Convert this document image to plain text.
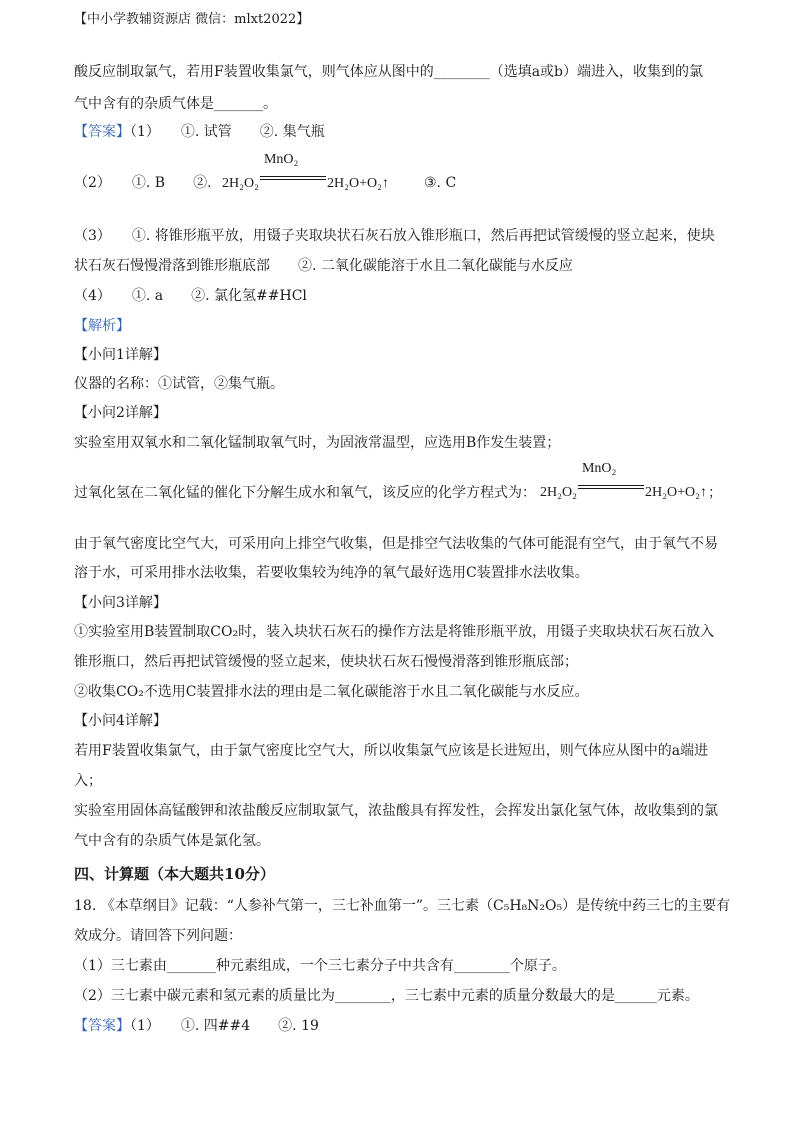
【中小学教辅资源店 微信：mlxt2022】
酸反应制取氯气，若用F装置收集氯气，则气体应从图中的________（选填a或b）端进入，收集到的氯
气中含有的杂质气体是_______。
【答案】（1）　　①. 试管　　②. 集气瓶
（2）　　①. B　　②. 2H₂O₂
MnO₂
2H₂O+O₂↑	③. C
（3）　　①. 将锥形瓶平放，用镊子夹取块状石灰石放入锥形瓶口，然后再把试管缓慢的竖立起来，使块
状石灰石慢慢滑落到锥形瓶底部　　②. 二氧化碳能溶于水且二氧化碳能与水反应
（4）　　①. a　　②. 氯化氢##HCl
【解析】
【小问1详解】
仪器的名称：①试管，②集气瓶。
【小问2详解】
实验室用双氧水和二氧化锰制取氧气时，为固液常温型，应选用B作发生装置；
过氧化氢在二氧化锰的催化下分解生成水和氧气，该反应的化学方程式为： 2H₂O₂
MnO₂
2H₂O+O₂↑ ；
由于氧气密度比空气大，可采用向上排空气收集，但是排空气法收集的气体可能混有空气，由于氧气不易
溶于水，可采用排水法收集，若要收集较为纯净的氧气最好选用C装置排水法收集。
【小问3详解】
①实验室用B装置制取CO₂时，装入块状石灰石的操作方法是将锥形瓶平放，用镊子夹取块状石灰石放入
锥形瓶口，然后再把试管缓慢的竖立起来，使块状石灰石慢慢滑落到锥形瓶底部；
②收集CO₂不选用C装置排水法的理由是二氧化碳能溶于水且二氧化碳能与水反应。
【小问4详解】
若用F装置收集氯气，由于氯气密度比空气大，所以收集氯气应该是长进短出，则气体应从图中的a端进
入；
实验室用固体高锰酸钾和浓盐酸反应制取氯气，浓盐酸具有挥发性，会挥发出氯化氢气体，故收集到的氯
气中含有的杂质气体是氯化氢。
四、计算题（本大题共10分）
18. 《本草纲目》记载：“人参补气第一，三七补血第一”。三七素（C₅H₈N₂O₅）是传统中药三七的主要有
效成分。请回答下列问题：
（1）三七素由_______种元素组成，一个三七素分子中共含有________个原子。
（2）三七素中碳元素和氢元素的质量比为________，三七素中元素的质量分数最大的是______元素。
【答案】（1）　　①. 四##4　　②. 19
